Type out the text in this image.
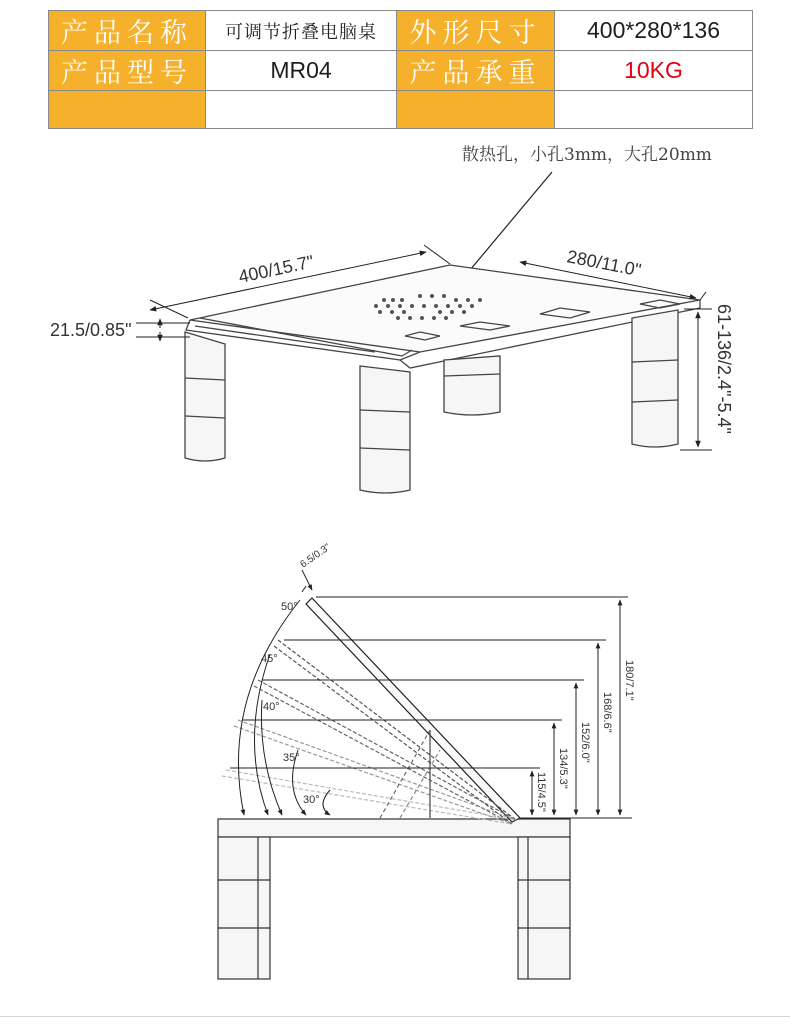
产品名称	可调节折叠电脑桌	外形尺寸	400*280*136
产品型号	MR04	产品承重	10KG

散热孔，小孔3mm，大孔20mm
400/15.7"	280/11.0"
21.5/0.85"	61-136/2.4"-5.4"
6.5/0.3"
50°
45°
40°
35°
30°
180/7.1"
168/6.6"
152/6.0"
134/5.3"
115/4.5"
